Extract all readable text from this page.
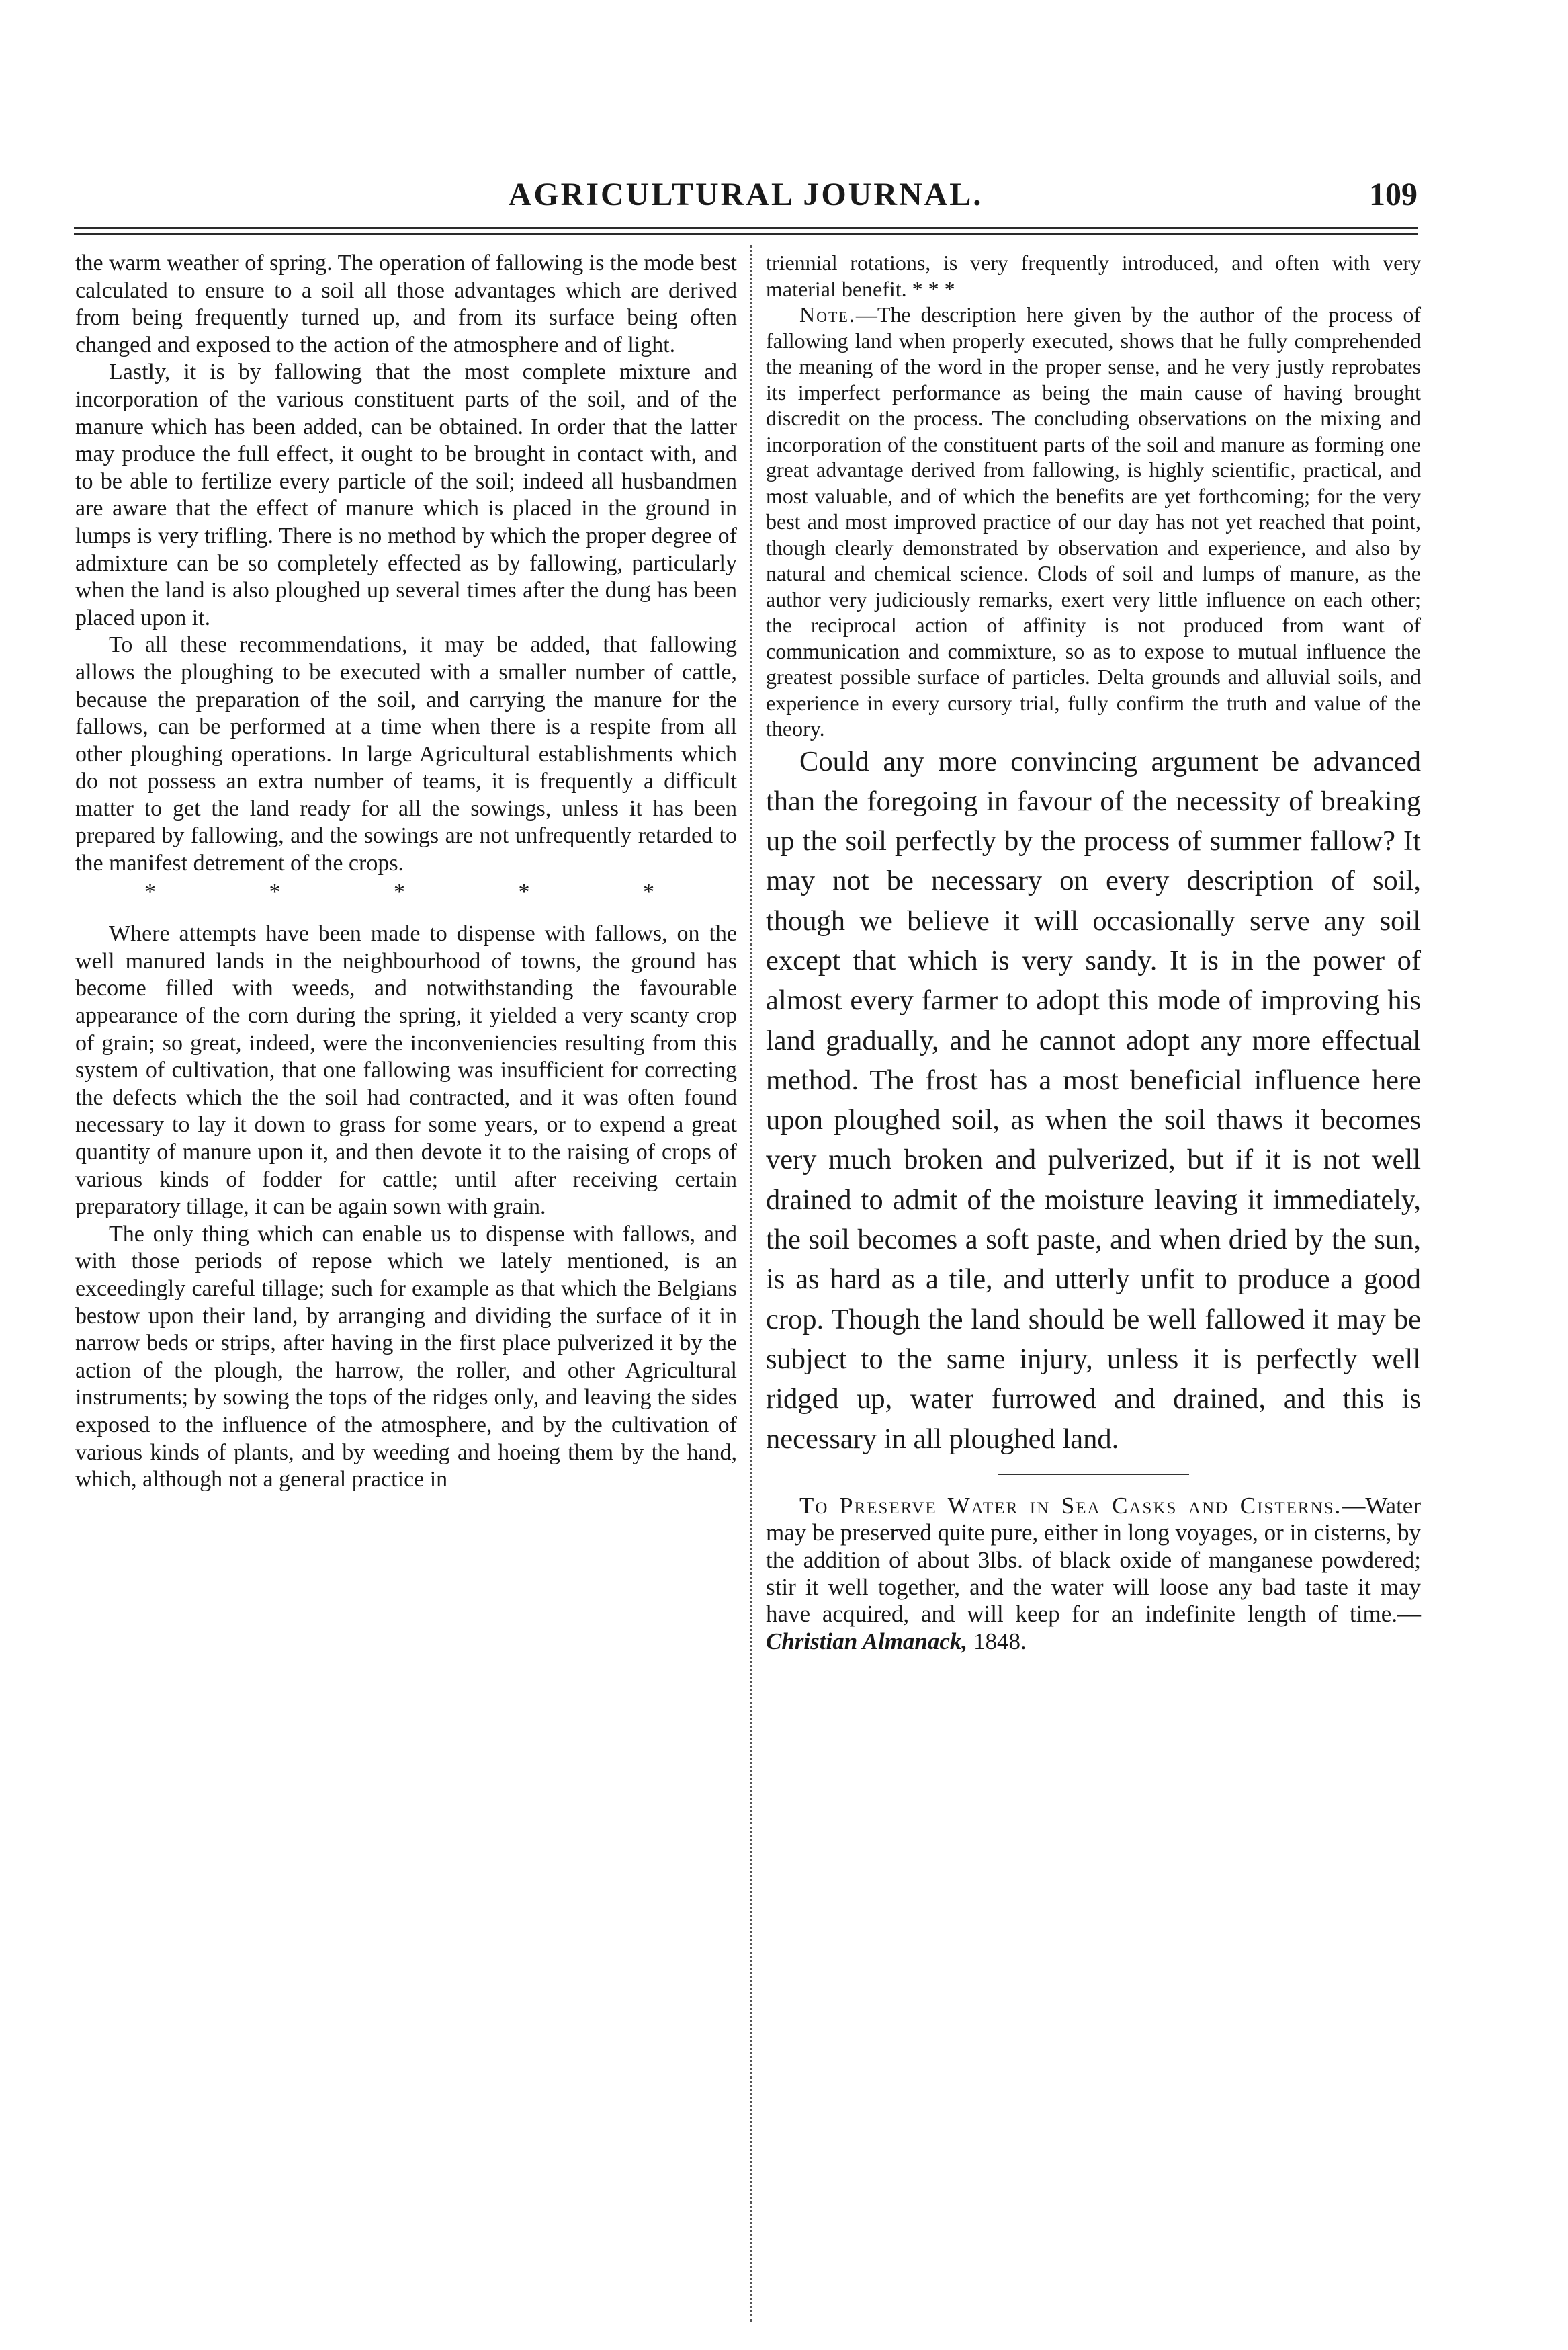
AGRICULTURAL JOURNAL.	109

the warm weather of spring. The operation of fallowing is the mode best calculated to ensure to a soil all those advantages which are derived from being frequently turned up, and from its surface being often changed and exposed to the action of the atmosphere and of light.

Lastly, it is by fallowing that the most complete mixture and incorporation of the various constituent parts of the soil, and of the manure which has been added, can be obtained. In order that the latter may produce the full effect, it ought to be brought in contact with, and to be able to fertilize every particle of the soil; indeed all husbandmen are aware that the effect of manure which is placed in the ground in lumps is very trifling. There is no method by which the proper degree of admixture can be so completely effected as by fallowing, particularly when the land is also ploughed up several times after the dung has been placed upon it.

To all these recommendations, it may be added, that fallowing allows the ploughing to be executed with a smaller number of cattle, because the preparation of the soil, and carrying the manure for the fallows, can be performed at a time when there is a respite from all other ploughing operations. In large Agricultural establishments which do not possess an extra number of teams, it is frequently a difficult matter to get the land ready for all the sowings, unless it has been prepared by fallowing, and the sowings are not unfrequently retarded to the manifest detrement of the crops.

* * * * *

Where attempts have been made to dispense with fallows, on the well manured lands in the neighbourhood of towns, the ground has become filled with weeds, and notwithstanding the favourable appearance of the corn during the spring, it yielded a very scanty crop of grain; so great, indeed, were the inconveniencies resulting from this system of cultivation, that one fallowing was insufficient for correcting the defects which the the soil had contracted, and it was often found necessary to lay it down to grass for some years, or to expend a great quantity of manure upon it, and then devote it to the raising of crops of various kinds of fodder for cattle; until after receiving certain preparatory tillage, it can be again sown with grain.

The only thing which can enable us to dispense with fallows, and with those periods of repose which we lately mentioned, is an exceedingly careful tillage; such for example as that which the Belgians bestow upon their land, by arranging and dividing the surface of it in narrow beds or strips, after having in the first place pulverized it by the action of the plough, the harrow, the roller, and other Agricultural instruments; by sowing the tops of the ridges only, and leaving the sides exposed to the influence of the atmosphere, and by the cultivation of various kinds of plants, and by weeding and hoeing them by the hand, which, although not a general practice in

triennial rotations, is very frequently introduced, and often with very material benefit. * * *

Note.—The description here given by the author of the process of fallowing land when properly executed, shows that he fully comprehended the meaning of the word in the proper sense, and he very justly reprobates its imperfect performance as being the main cause of having brought discredit on the process. The concluding observations on the mixing and incorporation of the constituent parts of the soil and manure as forming one great advantage derived from fallowing, is highly scientific, practical, and most valuable, and of which the benefits are yet forthcoming; for the very best and most improved practice of our day has not yet reached that point, though clearly demonstrated by observation and experience, and also by natural and chemical science. Clods of soil and lumps of manure, as the author very judiciously remarks, exert very little influence on each other; the reciprocal action of affinity is not produced from want of communication and commixture, so as to expose to mutual influence the greatest possible surface of particles. Delta grounds and alluvial soils, and experience in every cursory trial, fully confirm the truth and value of the theory.

Could any more convincing argument be advanced than the foregoing in favour of the necessity of breaking up the soil perfectly by the process of summer fallow? It may not be necessary on every description of soil, though we believe it will occasionally serve any soil except that which is very sandy. It is in the power of almost every farmer to adopt this mode of improving his land gradually, and he cannot adopt any more effectual method. The frost has a most beneficial influence here upon ploughed soil, as when the soil thaws it becomes very much broken and pulverized, but if it is not well drained to admit of the moisture leaving it immediately, the soil becomes a soft paste, and when dried by the sun, is as hard as a tile, and utterly unfit to produce a good crop. Though the land should be well fallowed it may be subject to the same injury, unless it is perfectly well ridged up, water furrowed and drained, and this is necessary in all ploughed land.

To Preserve Water in Sea Casks and Cisterns.—Water may be preserved quite pure, either in long voyages, or in cisterns, by the addition of about 3lbs. of black oxide of manganese powdered; stir it well together, and the water will loose any bad taste it may have acquired, and will keep for an indefinite length of time.—Christian Almanack, 1848.
